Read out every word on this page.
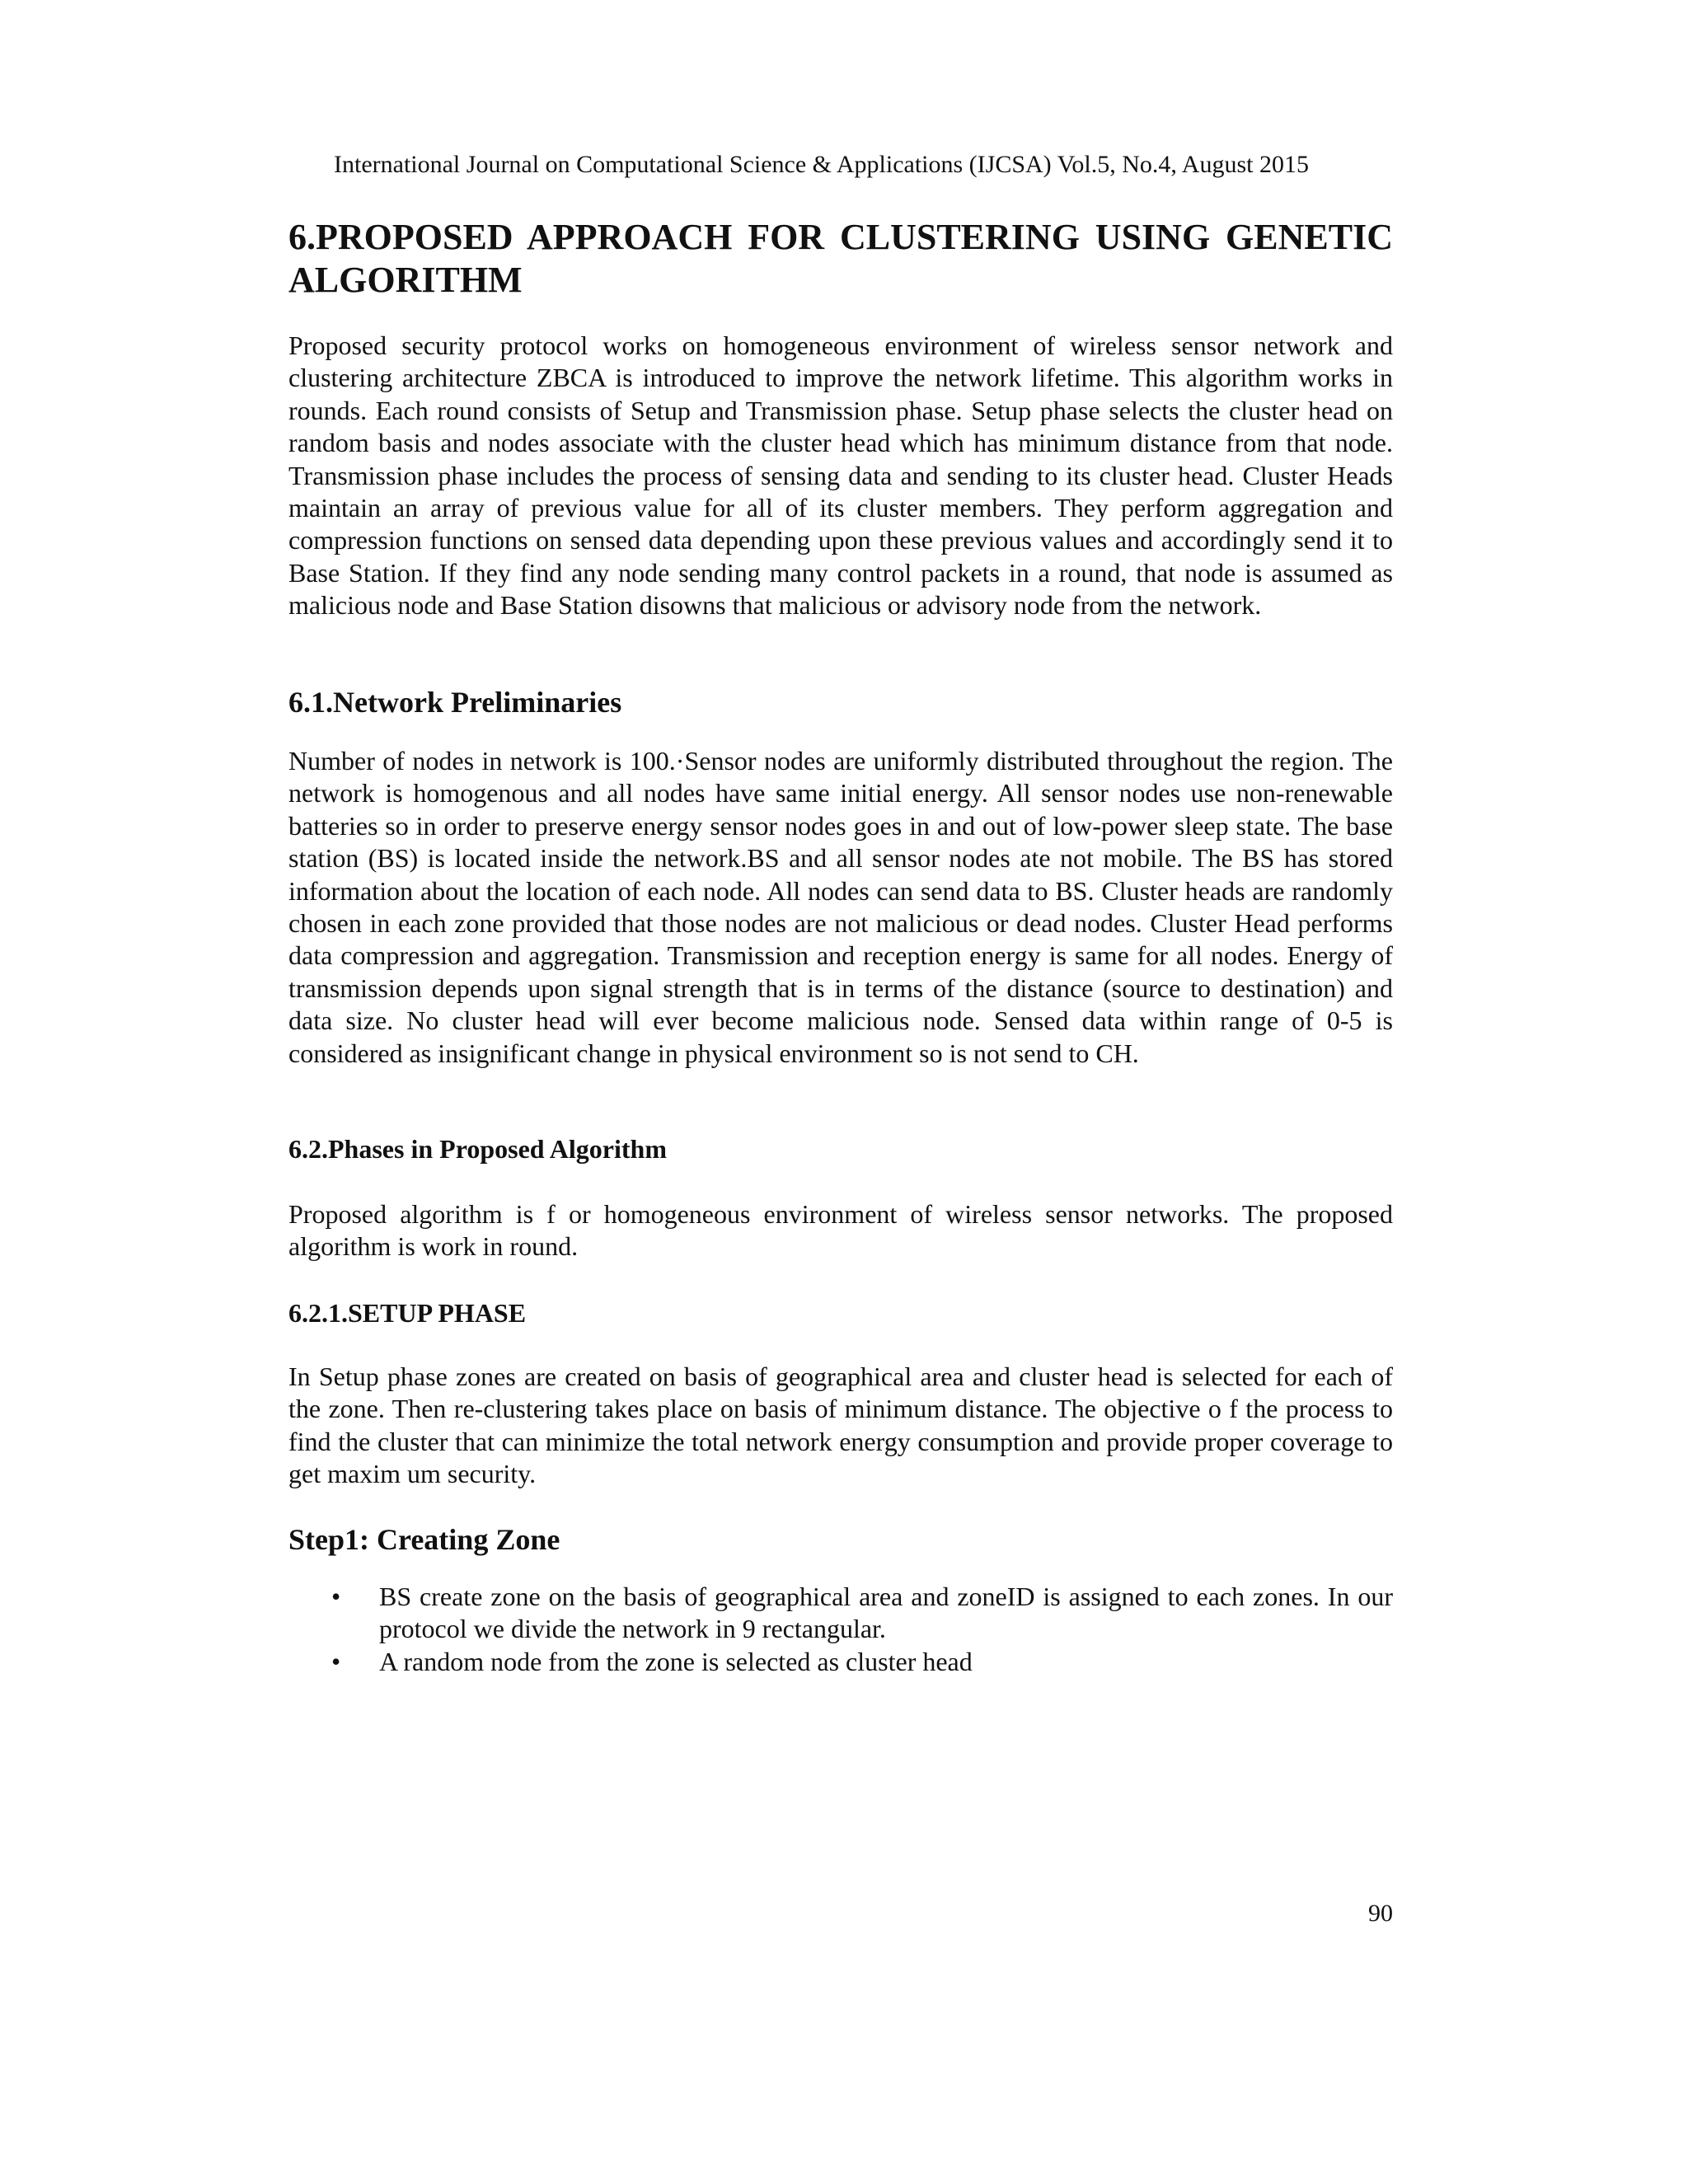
International Journal on Computational Science & Applications (IJCSA) Vol.5, No.4, August 2015
6.PROPOSED APPROACH FOR CLUSTERING USING GENETIC ALGORITHM

Proposed security protocol works on homogeneous environment of wireless sensor network and clustering architecture ZBCA is introduced to improve the network lifetime. This algorithm works in rounds. Each round consists of Setup and Transmission phase. Setup phase selects the cluster head on random basis and nodes associate with the cluster head which has minimum distance from that node. Transmission phase includes the process of sensing data and sending to its cluster head. Cluster Heads maintain an array of previous value for all of its cluster members. They perform aggregation and compression functions on sensed data depending upon these previous values and accordingly send it to Base Station. If they find any node sending many control packets in a round, that node is assumed as malicious node and Base Station disowns that malicious or advisory node from the network.

6.1.Network Preliminaries

Number of nodes in network is 100.·Sensor nodes are uniformly distributed throughout the region. The network is homogenous and all nodes have same initial energy. All sensor nodes use non-renewable batteries so in order to preserve energy sensor nodes goes in and out of low-power sleep state. The base station (BS) is located inside the network.BS and all sensor nodes ate not mobile. The BS has stored information about the location of each node. All nodes can send data to BS. Cluster heads are randomly chosen in each zone provided that those nodes are not malicious or dead nodes. Cluster Head performs data compression and aggregation. Transmission and reception energy is same for all nodes. Energy of transmission depends upon signal strength that is in terms of the distance (source to destination) and data size. No cluster head will ever become malicious node. Sensed data within range of 0-5 is considered as insignificant change in physical environment so is not send to CH.

6.2.Phases in Proposed Algorithm

Proposed algorithm is f or homogeneous environment of wireless sensor networks. The proposed algorithm is work in round.

6.2.1.SETUP PHASE

In Setup phase zones are created on basis of geographical area and cluster head is selected for each of the zone. Then re-clustering takes place on basis of minimum distance. The objective o f the process to find the cluster that can minimize the total network energy consumption and provide proper coverage to get maxim um security.

Step1: Creating Zone
• BS create zone on the basis of geographical area and zoneID is assigned to each zones. In our protocol we divide the network in 9 rectangular.
• A random node from the zone is selected as cluster head
90
